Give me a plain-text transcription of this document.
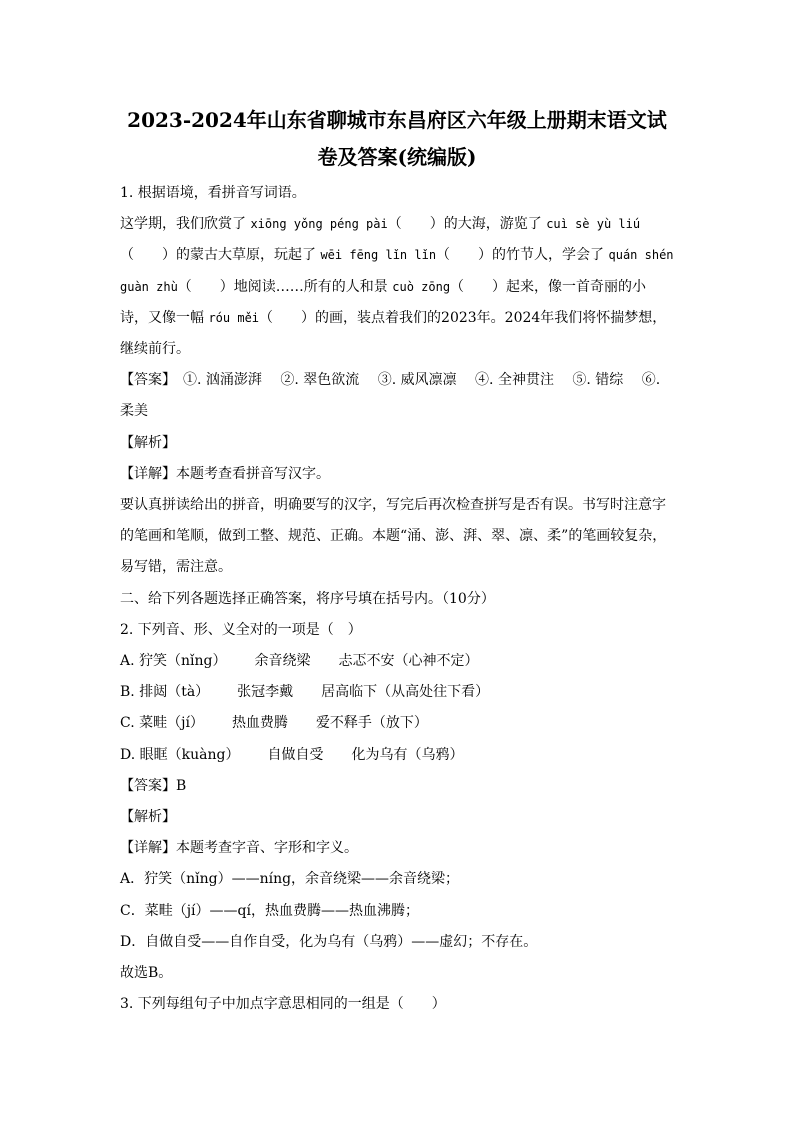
2023-2024年山东省聊城市东昌府区六年级上册期末语文试

卷及答案(统编版)

1. 根据语境，看拼音写词语。

这学期，我们欣赏了 xiōng yǒng péng pài（　　）的大海，游览了 cuì sè yù liú（　　）的蒙古大草原，玩起了 wēi fēng lǐn lǐn（　　）的竹节人，学会了 quán shén guàn zhù（　　）地阅读……所有的人和景 cuò zōng（　　）起来，像一首奇丽的小诗，又像一幅 róu měi（　　）的画，装点着我们的2023年。2024年我们将怀揣梦想，继续前行。

【答案】　①. 汹涌澎湃　 ②. 翠色欲流　 ③. 威风凛凛　 ④. 全神贯注　 ⑤. 错综　 ⑥. 柔美

【解析】

【详解】本题考查看拼音写汉字。

要认真拼读给出的拼音，明确要写的汉字，写完后再次检查拼写是否有误。书写时注意字的笔画和笔顺，做到工整、规范、正确。本题“涌、澎、湃、翠、凛、柔”的笔画较复杂，易写错，需注意。

二、给下列各题选择正确答案，将序号填在括号内。（10分）

2. 下列音、形、义全对的一项是（　）

A. 狞笑（nǐng） 余音绕梁 忐忑不安（心神不定）

B. 排闼（tà） 张冠李戴 居高临下（从高处往下看）

C. 菜畦（jí） 热血费腾 爱不释手（放下）

D. 眼眶（kuàng） 自做自受 化为乌有（乌鸦）

【答案】B

【解析】

【详解】本题考查字音、字形和字义。

A．狞笑（nǐng）——níng，余音绕梁——余音绕梁；

C．菜畦（jí）——qí，热血费腾——热血沸腾；

D．自做自受——自作自受，化为乌有（乌鸦）——虚幻；不存在。

故选B。

3. 下列每组句子中加点字意思相同的一组是（　　）
